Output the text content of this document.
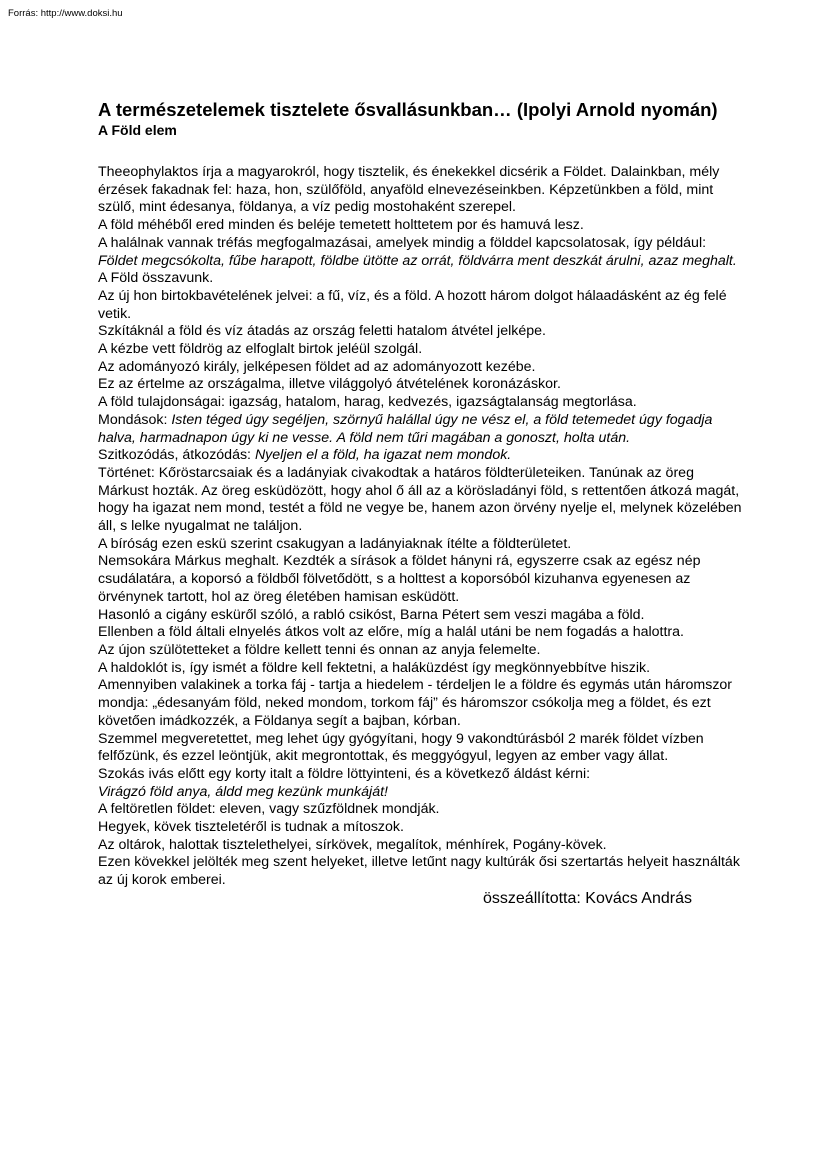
Forrás: http://www.doksi.hu
A természetelemek tisztelete ősvallásunkban… (Ipolyi Arnold nyomán)
A Föld elem

Theeophylaktos írja a magyarokról, hogy tisztelik, és énekekkel dicsérik a Földet. Dalainkban, mély érzések fakadnak fel: haza, hon, szülőföld, anyaföld elnevezéseinkben. Képzetünkben a föld, mint szülő, mint édesanya, földanya, a víz pedig mostohaként szerepel.

A föld méhéből ered minden és beléje temetett holttetem por és hamuvá lesz.

A halálnak vannak tréfás megfogalmazásai, amelyek mindig a földdel kapcsolatosak, így például: Földet megcsókolta, fűbe harapott, földbe ütötte az orrát, földvárra ment deszkát árulni, azaz meghalt.

A Föld összavunk.

Az új hon birtokbavételének jelvei: a fű, víz, és a föld. A hozott három dolgot hálaadásként az ég felé vetik.

Szkítáknál a föld és víz átadás az ország feletti hatalom átvétel jelképe.

A kézbe vett földrög az elfoglalt birtok jeléül szolgál.

Az adományozó király, jelképesen földet ad az adományozott kezébe.

Ez az értelme az országalma, illetve világgolyó átvételének koronázáskor.

A föld tulajdonságai: igazság, hatalom, harag, kedvezés, igazságtalanság megtorlása.

Mondások: Isten téged úgy segéljen, szörnyű halállal úgy ne vész el, a föld tetemedet úgy fogadja halva, harmadnapon úgy ki ne vesse. A föld nem tűri magában a gonoszt, holta után.

Szitkozódás, átkozódás: Nyeljen el a föld, ha igazat nem mondok.

Történet: Kőröstarcsaiak és a ladányiak civakodtak a határos földterületeiken. Tanúnak az öreg Márkust hozták. Az öreg esküdözött, hogy ahol ő áll az a körösladányi föld, s rettentően átkozá magát, hogy ha igazat nem mond, testét a föld ne vegye be, hanem azon örvény nyelje el, melynek közelében áll, s lelke nyugalmat ne találjon.

A bíróság ezen eskü szerint csakugyan a ladányiaknak ítélte a földterületet.

Nemsokára Márkus meghalt. Kezdték a sírások a földet hányni rá, egyszerre csak az egész nép csudálatára, a koporsó a földből fölvetődött, s a holttest a koporsóból kizuhanva egyenesen az örvénynek tartott, hol az öreg életében hamisan esküdött.

Hasonló a cigány esküről szóló, a rabló csikóst, Barna Pétert sem veszi magába a föld.

Ellenben a föld általi elnyelés átkos volt az előre, míg a halál utáni be nem fogadás a halottra.

Az újon szülötetteket a földre kellett tenni és onnan az anyja felemelte.

A haldoklót is, így ismét a földre kell fektetni, a haláküzdést így megkönnyebbítve hiszik.

Amennyiben valakinek a torka fáj - tartja a hiedelem - térdeljen le a földre és egymás után háromszor mondja: „édesanyám föld, neked mondom, torkom fáj” és háromszor csókolja meg a földet, és ezt követően imádkozzék, a Földanya segít a bajban, kórban.

Szemmel megveretettet, meg lehet úgy gyógyítani, hogy 9 vakondtúrásból 2 marék földet vízben felfőzünk, és ezzel leöntjük, akit megrontottak, és meggyógyul, legyen az ember vagy állat.

Szokás ivás előtt egy korty italt a földre löttyinteni, és a következő áldást kérni:

Virágzó föld anya, áldd meg kezünk munkáját!

A feltöretlen földet: eleven, vagy szűzföldnek mondják.

Hegyek, kövek tiszteletéről is tudnak a mítoszok.

Az oltárok, halottak tisztelethelyei, sírkövek, megalítok, ménhírek, Pogány-kövek.

Ezen kövekkel jelölték meg szent helyeket, illetve letűnt nagy kultúrák ősi szertartás helyeit használták az új korok emberei.

összeállította: Kovács András
